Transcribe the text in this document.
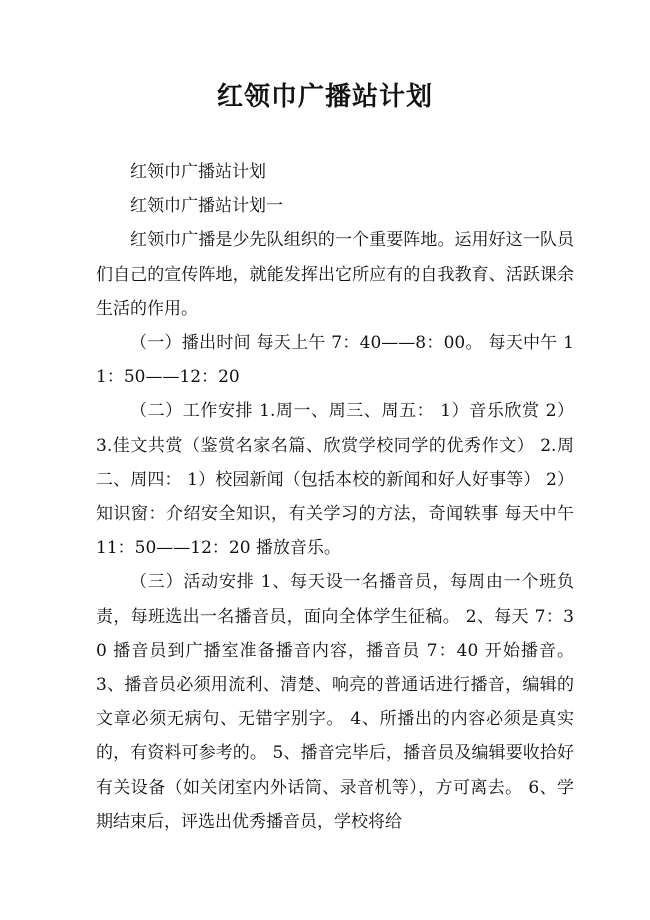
红领巾广播站计划

红领巾广播站计划

红领巾广播站计划一

红领巾广播是少先队组织的一个重要阵地。运用好这一队员们自己的宣传阵地，就能发挥出它所应有的自我教育、活跃课余生活的作用。

（一）播出时间 每天上午 7：40——8：00。 每天中午 11：50——12：20

（二）工作安排 1.周一、周三、周五： 1）音乐欣赏 2）3.佳文共赏（鉴赏名家名篇、欣赏学校同学的优秀作文） 2.周二、周四： 1）校园新闻（包括本校的新闻和好人好事等） 2）知识窗：介绍安全知识，有关学习的方法，奇闻轶事 每天中午 11：50——12：20 播放音乐。

（三）活动安排 1、每天设一名播音员，每周由一个班负责，每班选出一名播音员，面向全体学生征稿。 2、每天 7：30 播音员到广播室准备播音内容，播音员 7：40 开始播音。 3、播音员必须用流利、清楚、响亮的普通话进行播音，编辑的文章必须无病句、无错字别字。 4、所播出的内容必须是真实的，有资料可参考的。 5、播音完毕后，播音员及编辑要收拾好有关设备（如关闭室内外话筒、录音机等），方可离去。 6、学期结束后，评选出优秀播音员，学校将给
